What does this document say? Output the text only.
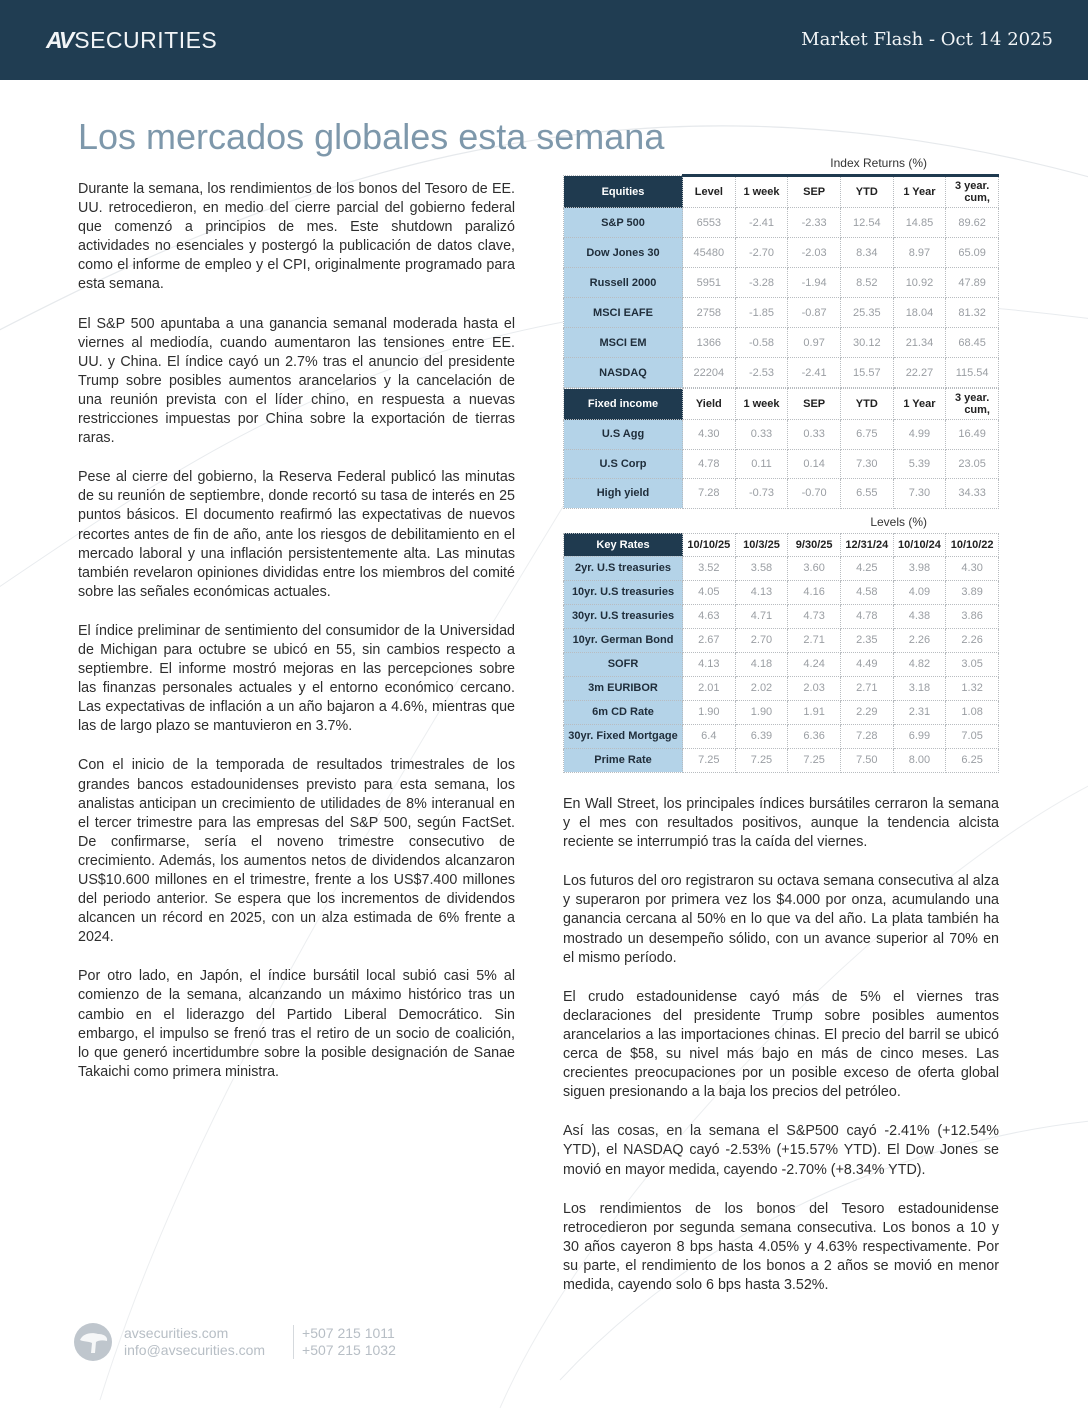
AV SECURITIES	Market Flash - Oct 14 2025
Los mercados globales esta semana

Durante la semana, los rendimientos de los bonos del Tesoro de EE. UU. retrocedieron, en medio del cierre parcial del gobierno federal que comenzó a principios de mes. Este shutdown paralizó actividades no esenciales y postergó la publicación de datos clave, como el informe de empleo y el CPI, originalmente programado para esta semana.

El S&P 500 apuntaba a una ganancia semanal moderada hasta el viernes al mediodía, cuando aumentaron las tensiones entre EE. UU. y China. El índice cayó un 2.7% tras el anuncio del presidente Trump sobre posibles aumentos arancelarios y la cancelación de una reunión prevista con el líder chino, en respuesta a nuevas restricciones impuestas por China sobre la exportación de tierras raras.

Pese al cierre del gobierno, la Reserva Federal publicó las minutas de su reunión de septiembre, donde recortó su tasa de interés en 25 puntos básicos. El documento reafirmó las expectativas de nuevos recortes antes de fin de año, ante los riesgos de debilitamiento en el mercado laboral y una inflación persistentemente alta. Las minutas también revelaron opiniones divididas entre los miembros del comité sobre las señales económicas actuales.

El índice preliminar de sentimiento del consumidor de la Universidad de Michigan para octubre se ubicó en 55, sin cambios respecto a septiembre. El informe mostró mejoras en las percepciones sobre las finanzas personales actuales y el entorno económico cercano. Las expectativas de inflación a un año bajaron a 4.6%, mientras que las de largo plazo se mantuvieron en 3.7%.

Con el inicio de la temporada de resultados trimestrales de los grandes bancos estadounidenses previsto para esta semana, los analistas anticipan un crecimiento de utilidades de 8% interanual en el tercer trimestre para las empresas del S&P 500, según FactSet. De confirmarse, sería el noveno trimestre consecutivo de crecimiento. Además, los aumentos netos de dividendos alcanzaron US$10.600 millones en el trimestre, frente a los US$7.400 millones del periodo anterior. Se espera que los incrementos de dividendos alcancen un récord en 2025, con un alza estimada de 6% frente a 2024.

Por otro lado, en Japón, el índice bursátil local subió casi 5% al comienzo de la semana, alcanzando un máximo histórico tras un cambio en el liderazgo del Partido Liberal Democrático. Sin embargo, el impulso se frenó tras el retiro de un socio de coalición, lo que generó incertidumbre sobre la posible designación de Sanae Takaichi como primera ministra.

Index Returns (%)
Equities	Level	1 week	SEP	YTD	1 Year	3 year.
cum,

S&P 500	6553	-2.41	-2.33	12.54	14.85	89.62
Dow Jones 30	45480	-2.70	-2.03	8.34	8.97	65.09
Russell 2000	5951	-3.28	-1.94	8.52	10.92	47.89
MSCI EAFE	2758	-1.85	-0.87	25.35	18.04	81.32
MSCI EM	1366	-0.58	0.97	30.12	21.34	68.45
NASDAQ	22204	-2.53	-2.41	15.57	22.27	115.54
Fixed income	Yield	1 week	SEP	YTD	1 Year	3 year.
cum,

U.S Agg	4.30	0.33	0.33	6.75	4.99	16.49
U.S Corp	4.78	0.11	0.14	7.30	5.39	23.05
High yield	7.28	-0.73	-0.70	6.55	7.30	34.33
Levels (%)
Key Rates	10/10/25	10/3/25	9/30/25	12/31/24	10/10/24	10/10/22
2yr. U.S treasuries	3.52	3.58	3.60	4.25	3.98	4.30
10yr. U.S treasuries	4.05	4.13	4.16	4.58	4.09	3.89
30yr. U.S treasuries	4.63	4.71	4.73	4.78	4.38	3.86
10yr. German Bond	2.67	2.70	2.71	2.35	2.26	2.26
SOFR	4.13	4.18	4.24	4.49	4.82	3.05
3m EURIBOR	2.01	2.02	2.03	2.71	3.18	1.32
6m CD Rate	1.90	1.90	1.91	2.29	2.31	1.08
30yr. Fixed Mortgage	6.4	6.39	6.36	7.28	6.99	7.05
Prime Rate	7.25	7.25	7.25	7.50	8.00	6.25

En Wall Street, los principales índices bursátiles cerraron la semana y el mes con resultados positivos, aunque la tendencia alcista reciente se interrumpió tras la caída del viernes.

Los futuros del oro registraron su octava semana consecutiva al alza y superaron por primera vez los $4.000 por onza, acumulando una ganancia cercana al 50% en lo que va del año. La plata también ha mostrado un desempeño sólido, con un avance superior al 70% en el mismo período.

El crudo estadounidense cayó más de 5% el viernes tras declaraciones del presidente Trump sobre posibles aumentos arancelarios a las importaciones chinas. El precio del barril se ubicó cerca de $58, su nivel más bajo en más de cinco meses. Las crecientes preocupaciones por un posible exceso de oferta global siguen presionando a la baja los precios del petróleo.

Así las cosas, en la semana el S&P500 cayó -2.41% (+12.54% YTD), el NASDAQ cayó -2.53% (+15.57% YTD). El Dow Jones se movió en mayor medida, cayendo -2.70% (+8.34% YTD).

Los rendimientos de los bonos del Tesoro estadounidense retrocedieron por segunda semana consecutiva. Los bonos a 10 y 30 años cayeron 8 bps hasta 4.05% y 4.63% respectivamente. Por su parte, el rendimiento de los bonos a 2 años se movió en menor medida, cayendo solo 6 bps hasta 3.52%.

avsecurities.com
info@avsecurities.com
+507 215 1011
+507 215 1032
